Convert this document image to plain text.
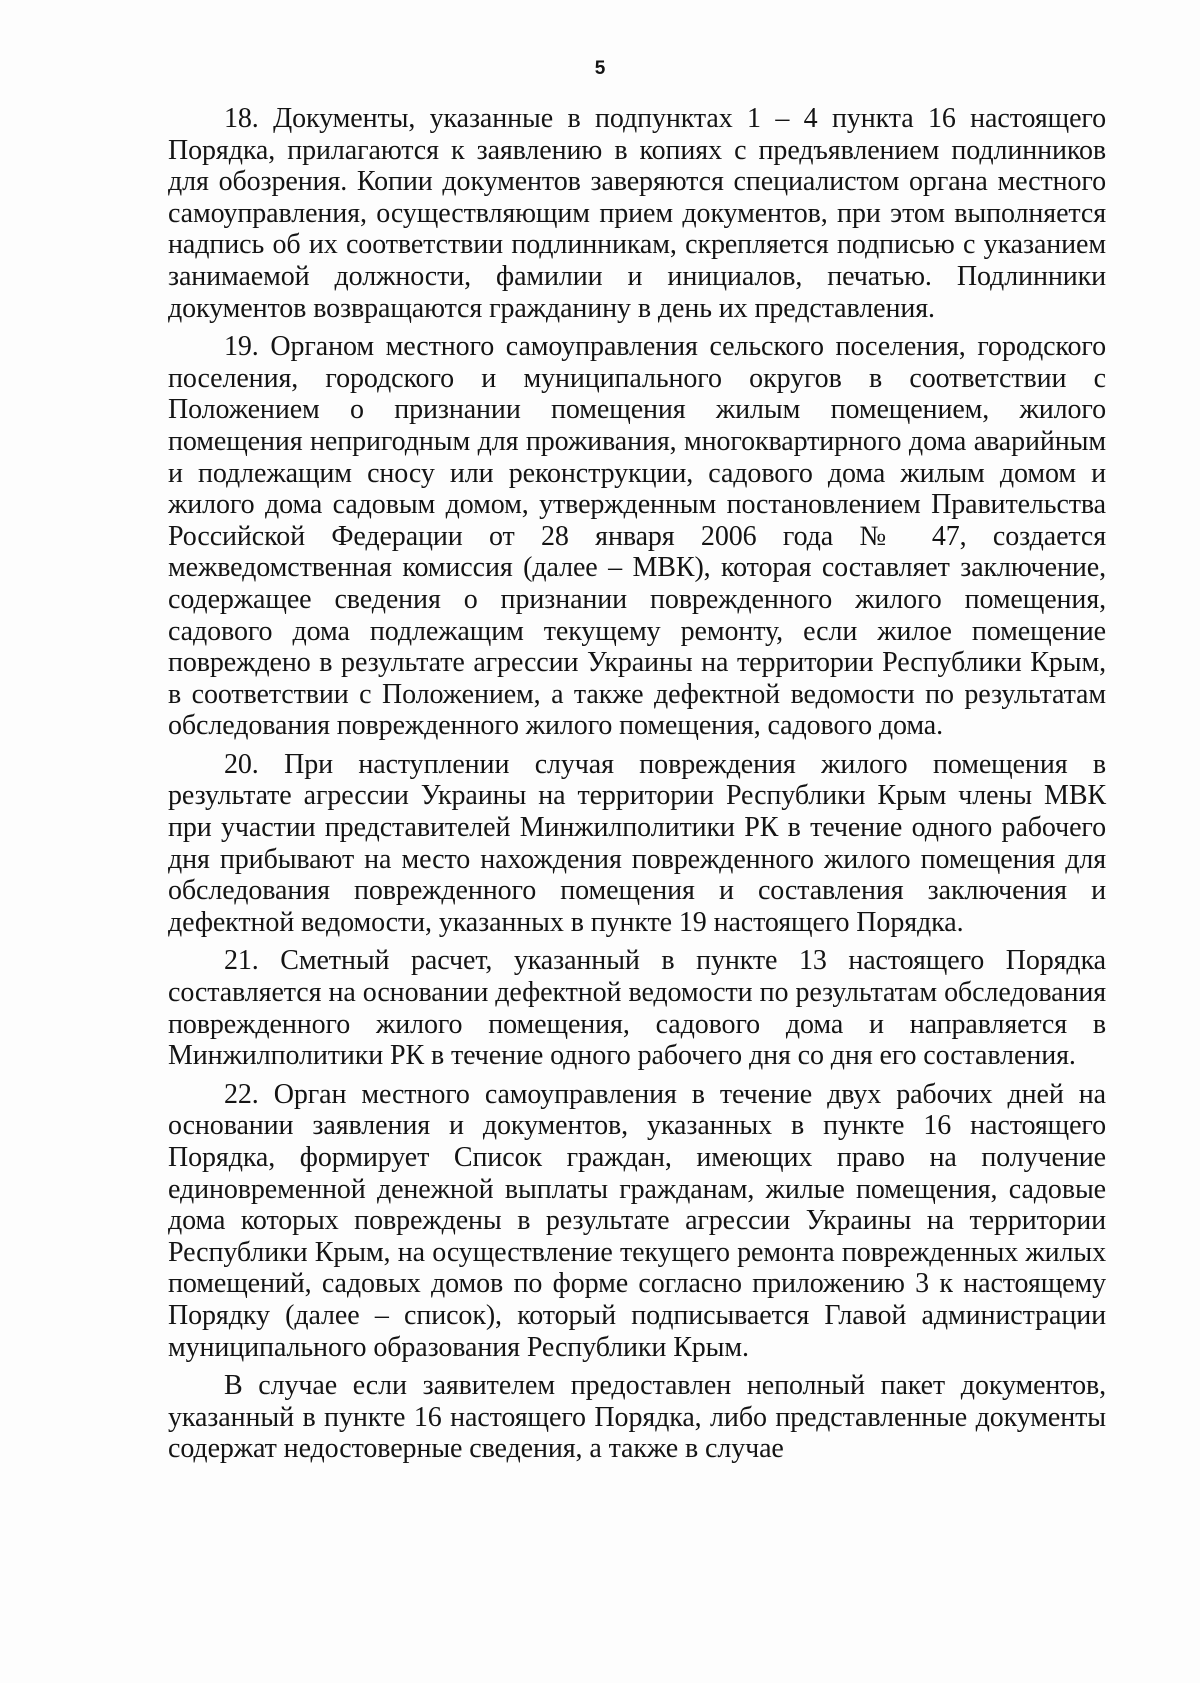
5

18. Документы, указанные в подпунктах 1 – 4 пункта 16 настоящего Порядка, прилагаются к заявлению в копиях с предъявлением подлинников для обозрения. Копии документов заверяются специалистом органа местного самоуправления, осуществляющим прием документов, при этом выполняется надпись об их соответствии подлинникам, скрепляется подписью с указанием занимаемой должности, фамилии и инициалов, печатью. Подлинники документов возвращаются гражданину в день их представления.

19. Органом местного самоуправления сельского поселения, городского поселения, городского и муниципального округов в соответствии с Положением о признании помещения жилым помещением, жилого помещения непригодным для проживания, многоквартирного дома аварийным и подлежащим сносу или реконструкции, садового дома жилым домом и жилого дома садовым домом, утвержденным постановлением Правительства Российской Федерации от 28 января 2006 года № 47, создается межведомственная комиссия (далее – МВК), которая составляет заключение, содержащее сведения о признании поврежденного жилого помещения, садового дома подлежащим текущему ремонту, если жилое помещение повреждено в результате агрессии Украины на территории Республики Крым, в соответствии с Положением, а также дефектной ведомости по результатам обследования поврежденного жилого помещения, садового дома.

20. При наступлении случая повреждения жилого помещения в результате агрессии Украины на территории Республики Крым члены МВК при участии представителей Минжилполитики РК в течение одного рабочего дня прибывают на место нахождения поврежденного жилого помещения для обследования поврежденного помещения и составления заключения и дефектной ведомости, указанных в пункте 19 настоящего Порядка.

21. Сметный расчет, указанный в пункте 13 настоящего Порядка составляется на основании дефектной ведомости по результатам обследования поврежденного жилого помещения, садового дома и направляется в Минжилполитики РК в течение одного рабочего дня со дня его составления.

22. Орган местного самоуправления в течение двух рабочих дней на основании заявления и документов, указанных в пункте 16 настоящего Порядка, формирует Список граждан, имеющих право на получение единовременной денежной выплаты гражданам, жилые помещения, садовые дома которых повреждены в результате агрессии Украины на территории Республики Крым, на осуществление текущего ремонта поврежденных жилых помещений, садовых домов по форме согласно приложению 3 к настоящему Порядку (далее – список), который подписывается Главой администрации муниципального образования Республики Крым.

В случае если заявителем предоставлен неполный пакет документов, указанный в пункте 16 настоящего Порядка, либо представленные документы содержат недостоверные сведения, а также в случае
